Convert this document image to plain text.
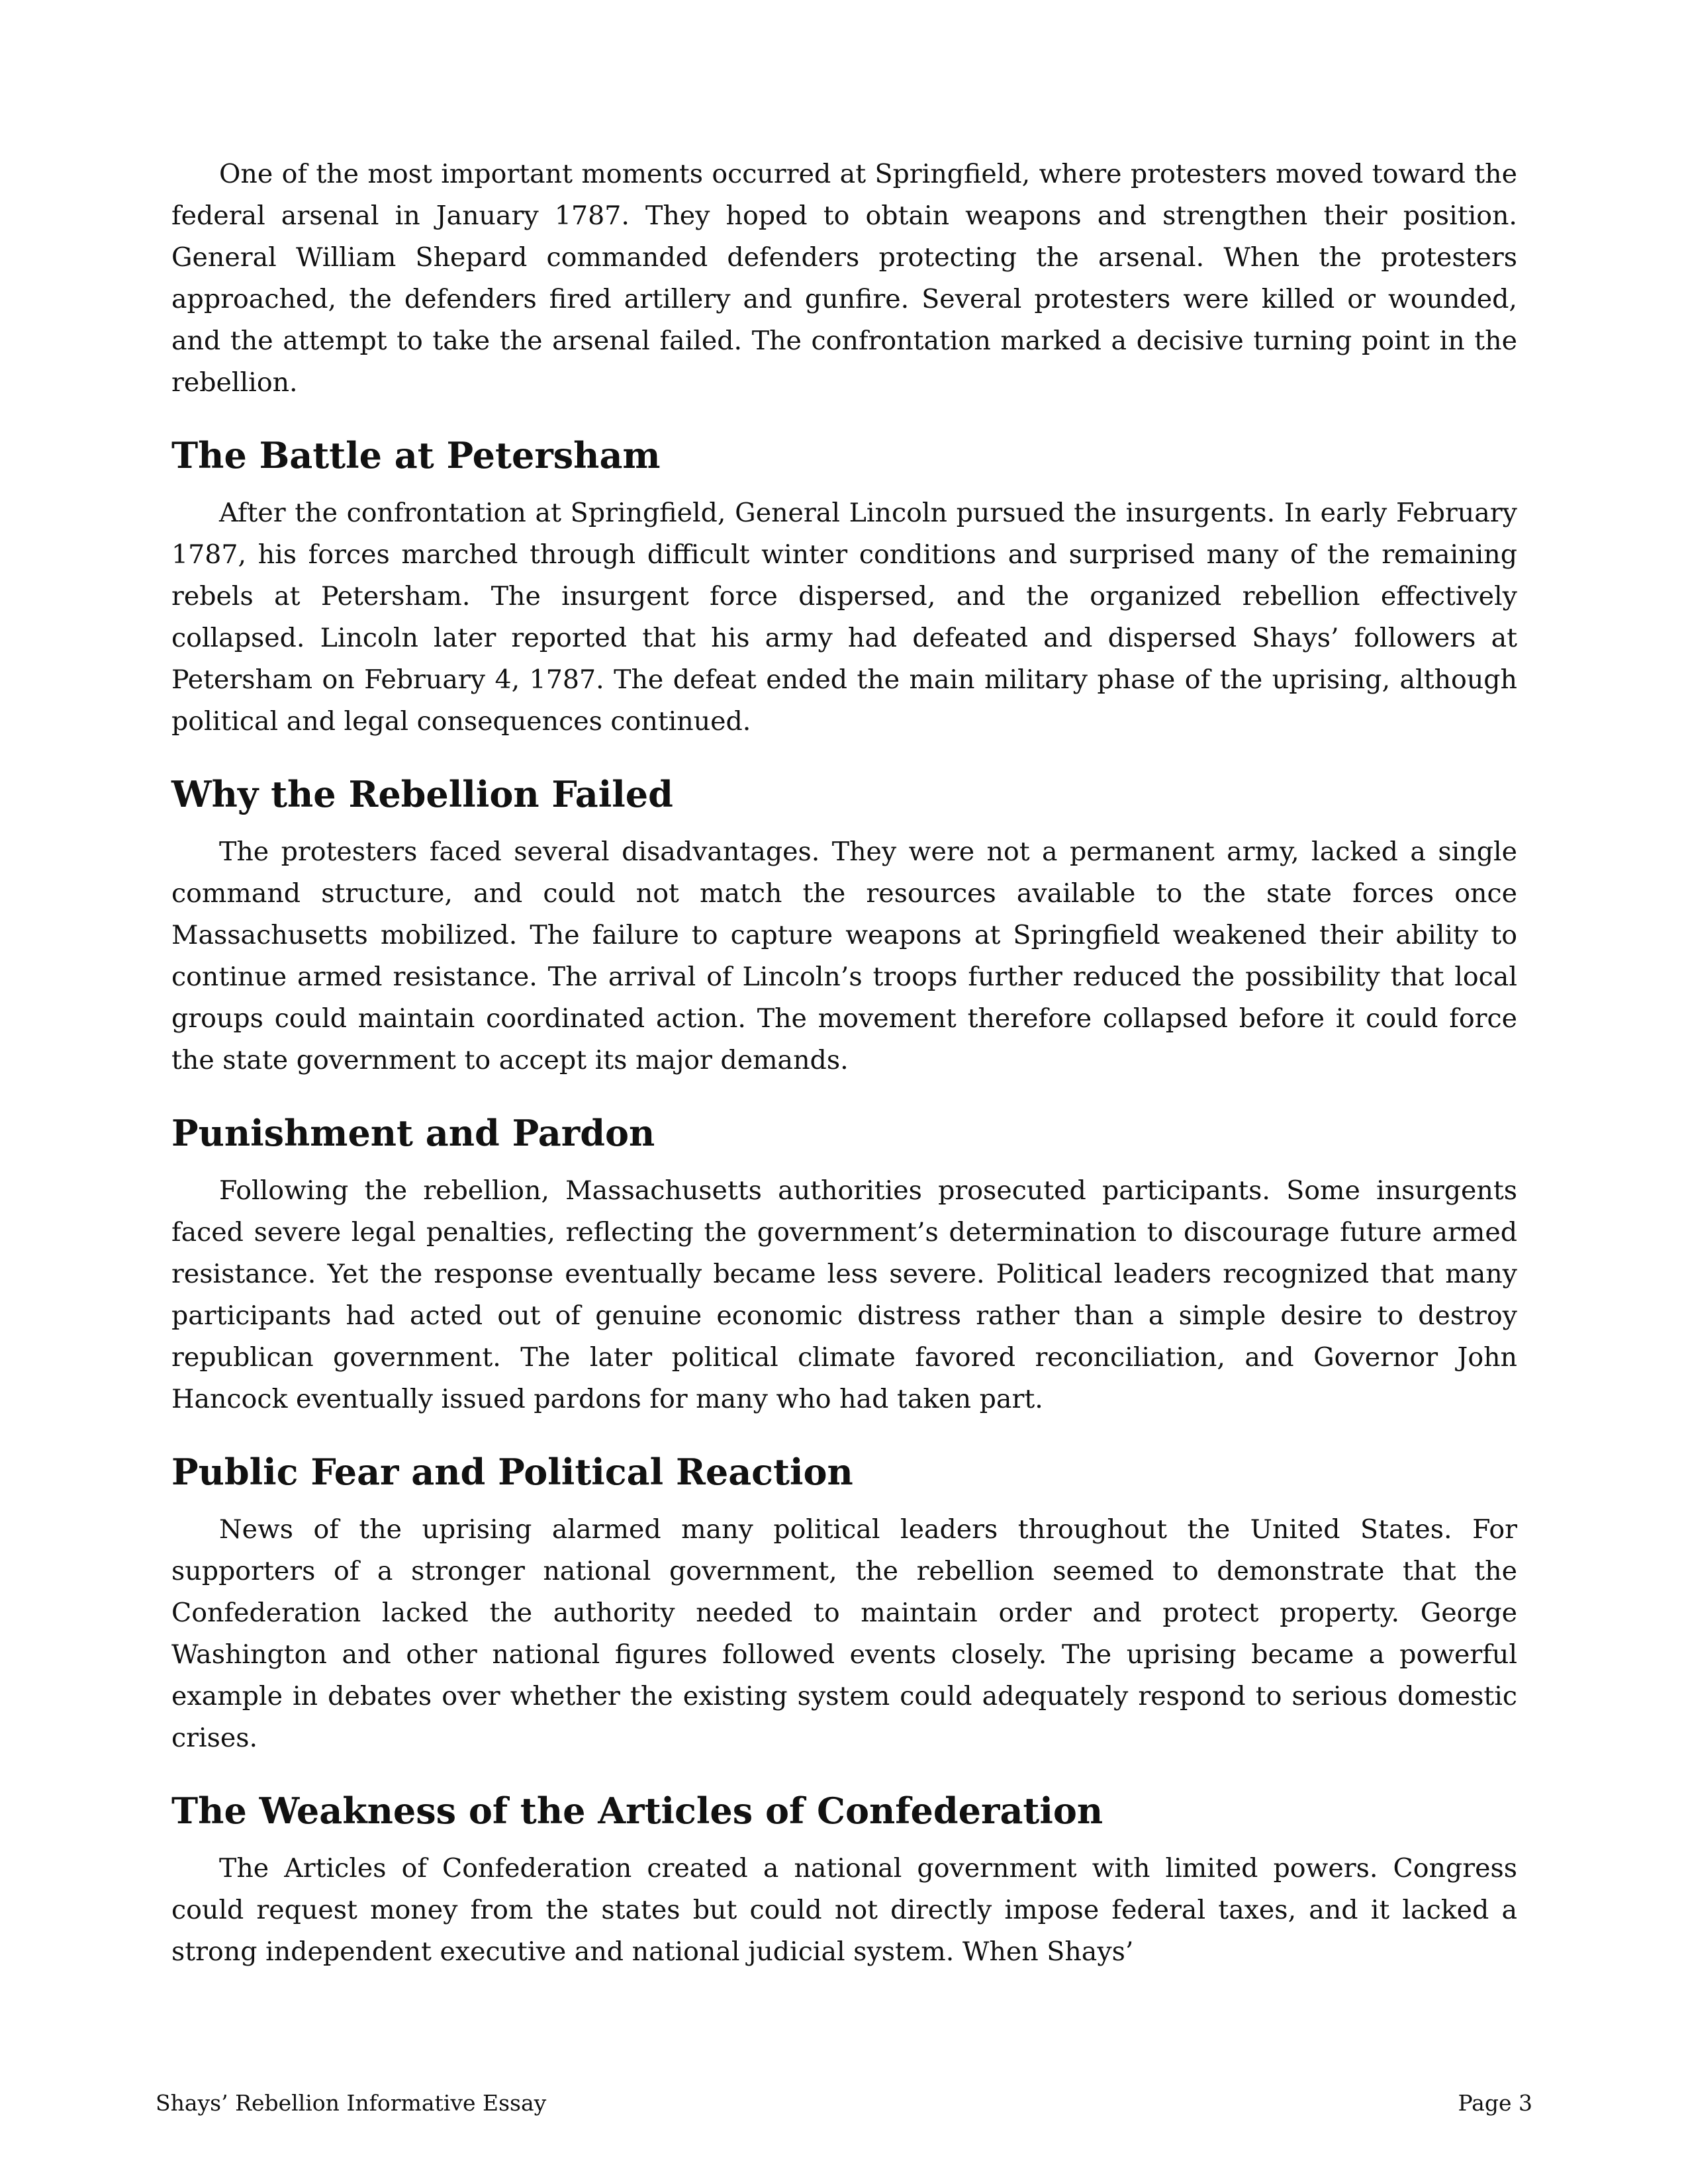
One of the most important moments occurred at Springfield, where protesters moved toward the federal arsenal in January 1787. They hoped to obtain weapons and strengthen their position. General William Shepard commanded defenders protecting the arsenal. When the protesters approached, the defenders fired artillery and gunfire. Several protesters were killed or wounded, and the attempt to take the arsenal failed. The confrontation marked a decisive turning point in the rebellion.

The Battle at Petersham

After the confrontation at Springfield, General Lincoln pursued the insurgents. In early February 1787, his forces marched through difficult winter conditions and surprised many of the remaining rebels at Petersham. The insurgent force dispersed, and the organized rebellion effectively collapsed. Lincoln later reported that his army had defeated and dispersed Shays’ followers at Petersham on February 4, 1787. The defeat ended the main military phase of the uprising, although political and legal consequences continued.

Why the Rebellion Failed

The protesters faced several disadvantages. They were not a permanent army, lacked a single command structure, and could not match the resources available to the state forces once Massachusetts mobilized. The failure to capture weapons at Springfield weakened their ability to continue armed resistance. The arrival of Lincoln’s troops further reduced the possibility that local groups could maintain coordinated action. The movement therefore collapsed before it could force the state government to accept its major demands.

Punishment and Pardon

Following the rebellion, Massachusetts authorities prosecuted participants. Some insurgents faced severe legal penalties, reflecting the government’s determination to discourage future armed resistance. Yet the response eventually became less severe. Political leaders recognized that many participants had acted out of genuine economic distress rather than a simple desire to destroy republican government. The later political climate favored reconciliation, and Governor John Hancock eventually issued pardons for many who had taken part.

Public Fear and Political Reaction

News of the uprising alarmed many political leaders throughout the United States. For supporters of a stronger national government, the rebellion seemed to demonstrate that the Confederation lacked the authority needed to maintain order and protect property. George Washington and other national figures followed events closely. The uprising became a powerful example in debates over whether the existing system could adequately respond to serious domestic crises.

The Weakness of the Articles of Confederation

The Articles of Confederation created a national government with limited powers. Congress could request money from the states but could not directly impose federal taxes, and it lacked a strong independent executive and national judicial system. When Shays’

Shays’ Rebellion Informative Essay	Page 3
